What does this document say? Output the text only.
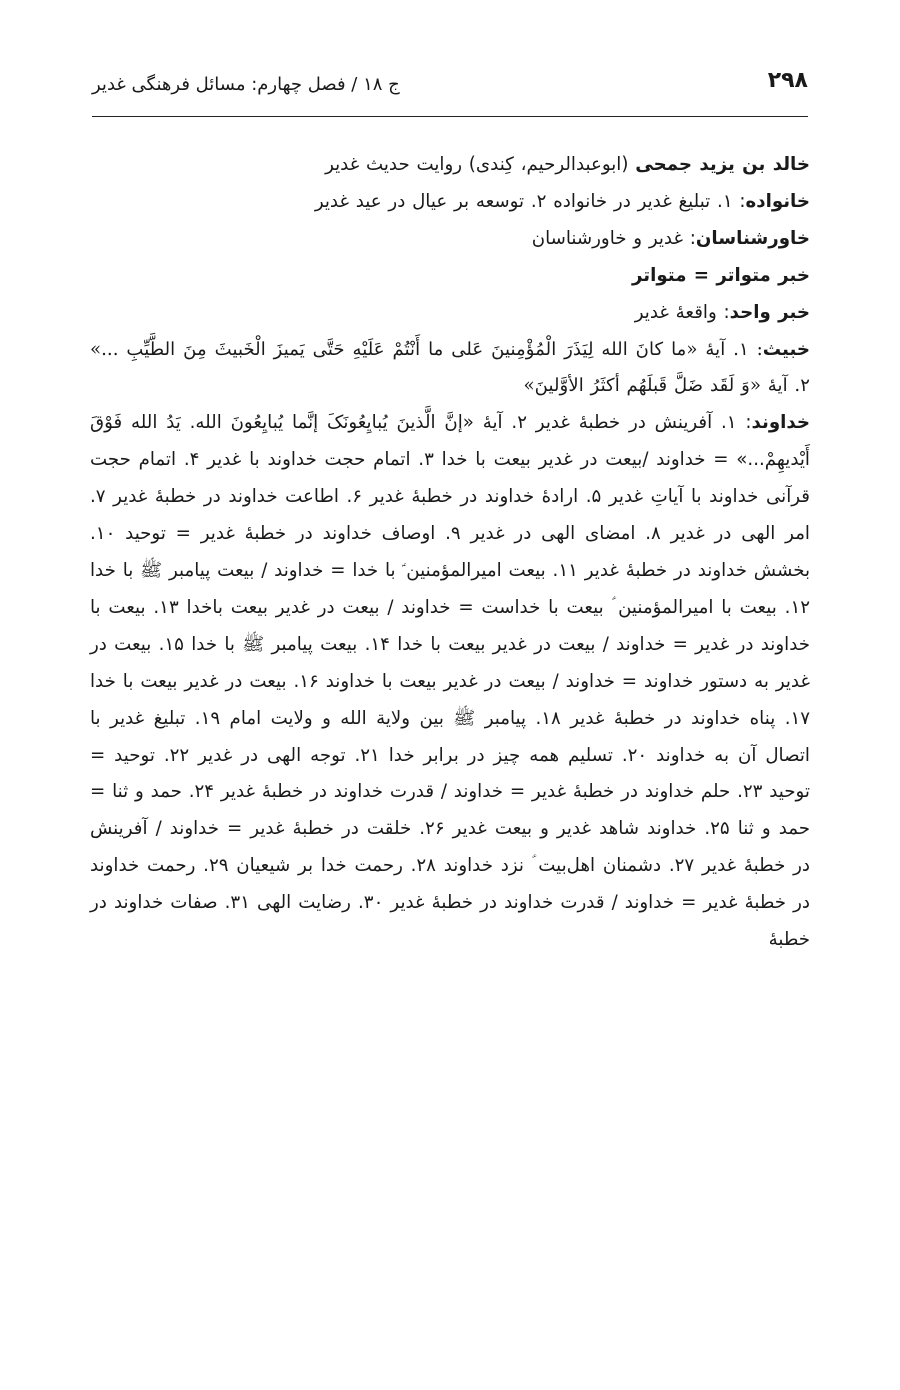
۲۹۸
ج ۱۸ / فصل چهارم: مسائل فرهنگی غدیر

خالد بن یزید جمحی (ابوعبدالرحیم، کِندی) روایت حدیث غدیر

خانواده: ۱. تبلیغ غدیر در خانواده ۲. توسعه بر عیال در عید غدیر

خاورشناسان: غدیر و خاورشناسان

خبر متواتر = متواتر

خبر واحد: واقعهٔ غدیر

خبیث: ۱. آیهٔ «ما کانَ الله لِیَذَرَ الْمُؤْمِنینَ عَلی ما أَنْتُمْ عَلَیْهِ حَتَّی یَمیزَ الْخَبیثَ مِنَ الطَّیِّبِ ...» ۲. آیهٔ «وَ لَقَد ضَلَّ قَبلَهُم أکثَرُ الأوَّلینَ»

خداوند: ۱. آفرینش در خطبهٔ غدیر ۲. آیهٔ «إنَّ الَّذینَ یُبایِعُونَکَ إنَّما یُبایِعُونَ الله. یَدُ الله فَوْقَ أَیْدیهِمْ...» = خداوند /بیعت در غدیر بیعت با خدا ۳. اتمام حجت خداوند با غدیر ۴. اتمام حجت قرآنی خداوند با آیاتِ غدیر ۵. ارادهٔ خداوند در خطبهٔ غدیر ۶. اطاعت خداوند در خطبهٔ غدیر ۷. امر الهی در غدیر ۸. امضای الهی در غدیر ۹. اوصاف خداوند در خطبهٔ غدیر = توحید ۱۰. بخشش خداوند در خطبهٔ غدیر ۱۱. بیعت امیرالمؤمنین ؑ با خدا = خداوند / بیعت پیامبر ﷺ با خدا ۱۲. بیعت با امیرالمؤمنین ؑ بیعت با خداست = خداوند / بیعت در غدیر بیعت باخدا ۱۳. بیعت با خداوند در غدیر = خداوند / بیعت در غدیر بیعت با خدا ۱۴. بیعت پیامبر ﷺ با خدا ۱۵. بیعت در غدیر به دستور خداوند = خداوند / بیعت در غدیر بیعت با خداوند ۱۶. بیعت در غدیر بیعت با خدا ۱۷. پناه خداوند در خطبهٔ غدیر ۱۸. پیامبر ﷺ بین ولایة الله و ولایت امام ۱۹. تبلیغ غدیر با اتصال آن به خداوند ۲۰. تسلیم همه چیز در برابر خدا ۲۱. توجه الهی در غدیر ۲۲. توحید = توحید ۲۳. حلم خداوند در خطبهٔ غدیر = خداوند / قدرت خداوند در خطبهٔ غدیر ۲۴. حمد و ثنا = حمد و ثنا ۲۵. خداوند شاهد غدیر و بیعت غدیر ۲۶. خلقت در خطبهٔ غدیر = خداوند / آفرینش در خطبهٔ غدیر ۲۷. دشمنان اهل‌بیت ؑ نزد خداوند ۲۸. رحمت خدا بر شیعیان ۲۹. رحمت خداوند در خطبهٔ غدیر = خداوند / قدرت خداوند در خطبهٔ غدیر ۳۰. رضایت الهی ۳۱. صفات خداوند در خطبهٔ
